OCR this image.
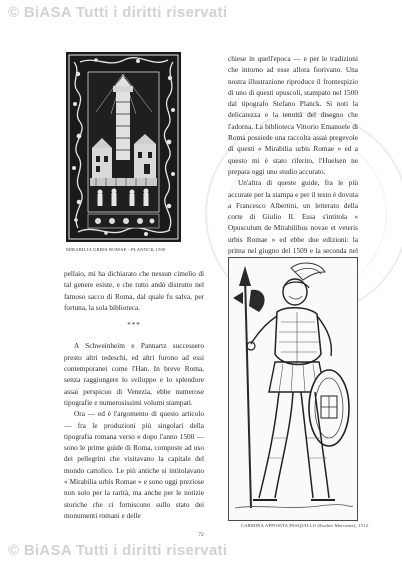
© BiASA Tutti i diritti riservati
MIRABILIA URBIS ROMAE - PLANNCK 1500

chiese in quell'epoca — e per le tradizioni che intorno ad esse allora fiorivano. Una nostra illustrazione riproduce il frontespizio di uno di questi opuscoli, stampato nel 1500 dal tipografo Stefano Planck. Si noti la delicatezza e la tenuità del disegno che l'adorna. La biblioteca Vittorio Emanuele di Roma possiede una raccolta assai pregevole di questi « Mirabilia urbis Romae » ed a questo mi è stato riferito, l'Huelsen ne prepara oggi uno studio accurato.

Un'altra di queste guide, fra le più accurate per la stampa e per il testo è dovuta a Francesco Albertini, un letterato della corte di Giulio II. Essa s'intitola « Opusculum de Mirabilibus novae et veteris urbis Romae » ed ebbe due edizioni: la prima nel giugno del 1509 e la seconda nel

pellaio, mi ha dichiarato che nessun cimelio di tal genere esiste, e che tutto andò distrutto nel famoso sacco di Roma, dal quale fu salva, per fortuna, la sola biblioteca.

***

A Schweinheim e Pannartz successero presto altri tedeschi, ed altri furono ad essi contemporanei come l'Han. In breve Roma, senza raggiungere lo sviluppo e lo splendore assai perspicuo di Venezia, ebbe numerose tipografie e numerosissimi volumi stampati.

Ora — ed è l'argomento di questo articolo — fra le produzioni più singolari della tipografia romana verso e dopo l'anno 1500 — sono le prime guide di Roma, composte ad uso dei pellegrini che visitavano la capitale del mondo cattolico. Le più antiche si intitolavano « Mirabilia urbis Romae » e sono oggi preziose non solo per la rarità, ma anche per le notizie storiche che ci forniscono sullo stato dei monumenti romani e delle

CARMINA APPOSITA PASQUILLO (Eucher Mercante), 1512.
72
© BiASA Tutti i diritti riservati
